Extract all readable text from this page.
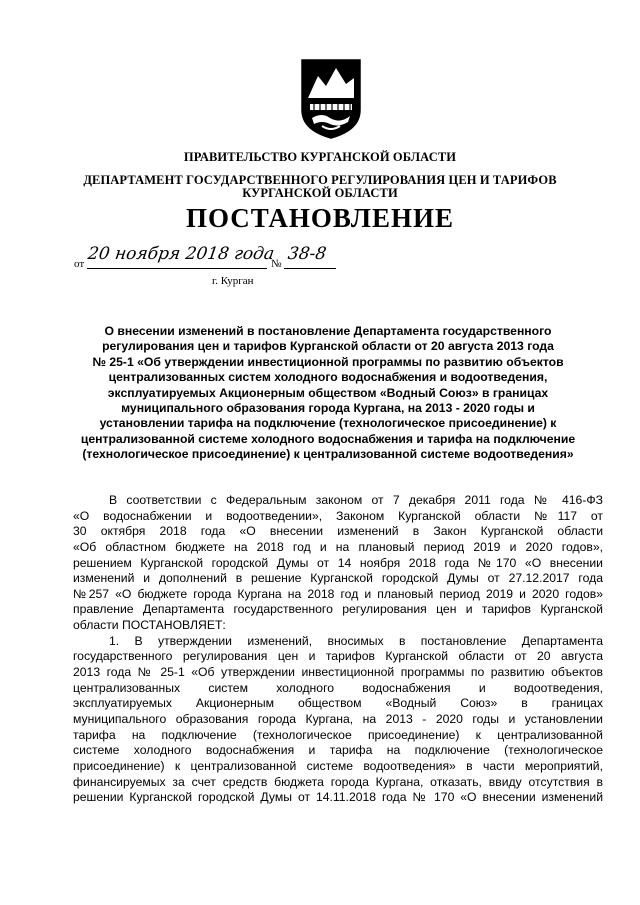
ПРАВИТЕЛЬСТВО КУРГАНСКОЙ ОБЛАСТИ
ДЕПАРТАМЕНТ ГОСУДАРСТВЕННОГО РЕГУЛИРОВАНИЯ ЦЕН И ТАРИФОВ
КУРГАНСКОЙ ОБЛАСТИ
ПОСТАНОВЛЕНИЕ
от 20 ноября 2018 года
№ 38-8
г. Курган
О внесении изменений в постановление Департамента государственного
регулирования цен и тарифов Курганской области от 20 августа 2013 года
№ 25-1 «Об утверждении инвестиционной программы по развитию объектов
централизованных систем холодного водоснабжения и водоотведения,
эксплуатируемых Акционерным обществом «Водный Союз» в границах
муниципального образования города Кургана, на 2013 - 2020 годы и
установлении тарифа на подключение (технологическое присоединение) к
централизованной системе холодного водоснабжения и тарифа на подключение
(технологическое присоединение) к централизованной системе водоотведения»
В соответствии с Федеральным законом от 7 декабря 2011 года № 416-ФЗ
«О водоснабжении и водоотведении», Законом Курганской области №117 от
30 октября 2018 года «О внесении изменений в Закон Курганской области
«Об областном бюджете на 2018 год и на плановый период 2019 и 2020 годов»,
решением Курганской городской Думы от 14 ноября 2018 года №170 «О внесении
изменений и дополнений в решение Курганской городской Думы от 27.12.2017 года
№257 «О бюджете города Кургана на 2018 год и плановый период 2019 и 2020 годов»
правление Департамента государственного регулирования цен и тарифов Курганской
области ПОСТАНОВЛЯЕТ:
1. В утверждении изменений, вносимых в постановление Департамента
государственного регулирования цен и тарифов Курганской области от 20 августа
2013 года № 25-1 «Об утверждении инвестиционной программы по развитию объектов
централизованных систем холодного водоснабжения и водоотведения,
эксплуатируемых Акционерным обществом «Водный Союз» в границах
муниципального образования города Кургана, на 2013 - 2020 годы и установлении
тарифа на подключение (технологическое присоединение) к централизованной
системе холодного водоснабжения и тарифа на подключение (технологическое
присоединение) к централизованной системе водоотведения» в части мероприятий,
финансируемых за счет средств бюджета города Кургана, отказать, ввиду отсутствия в
решении Курганской городской Думы от 14.11.2018 года № 170 «О внесении изменений
